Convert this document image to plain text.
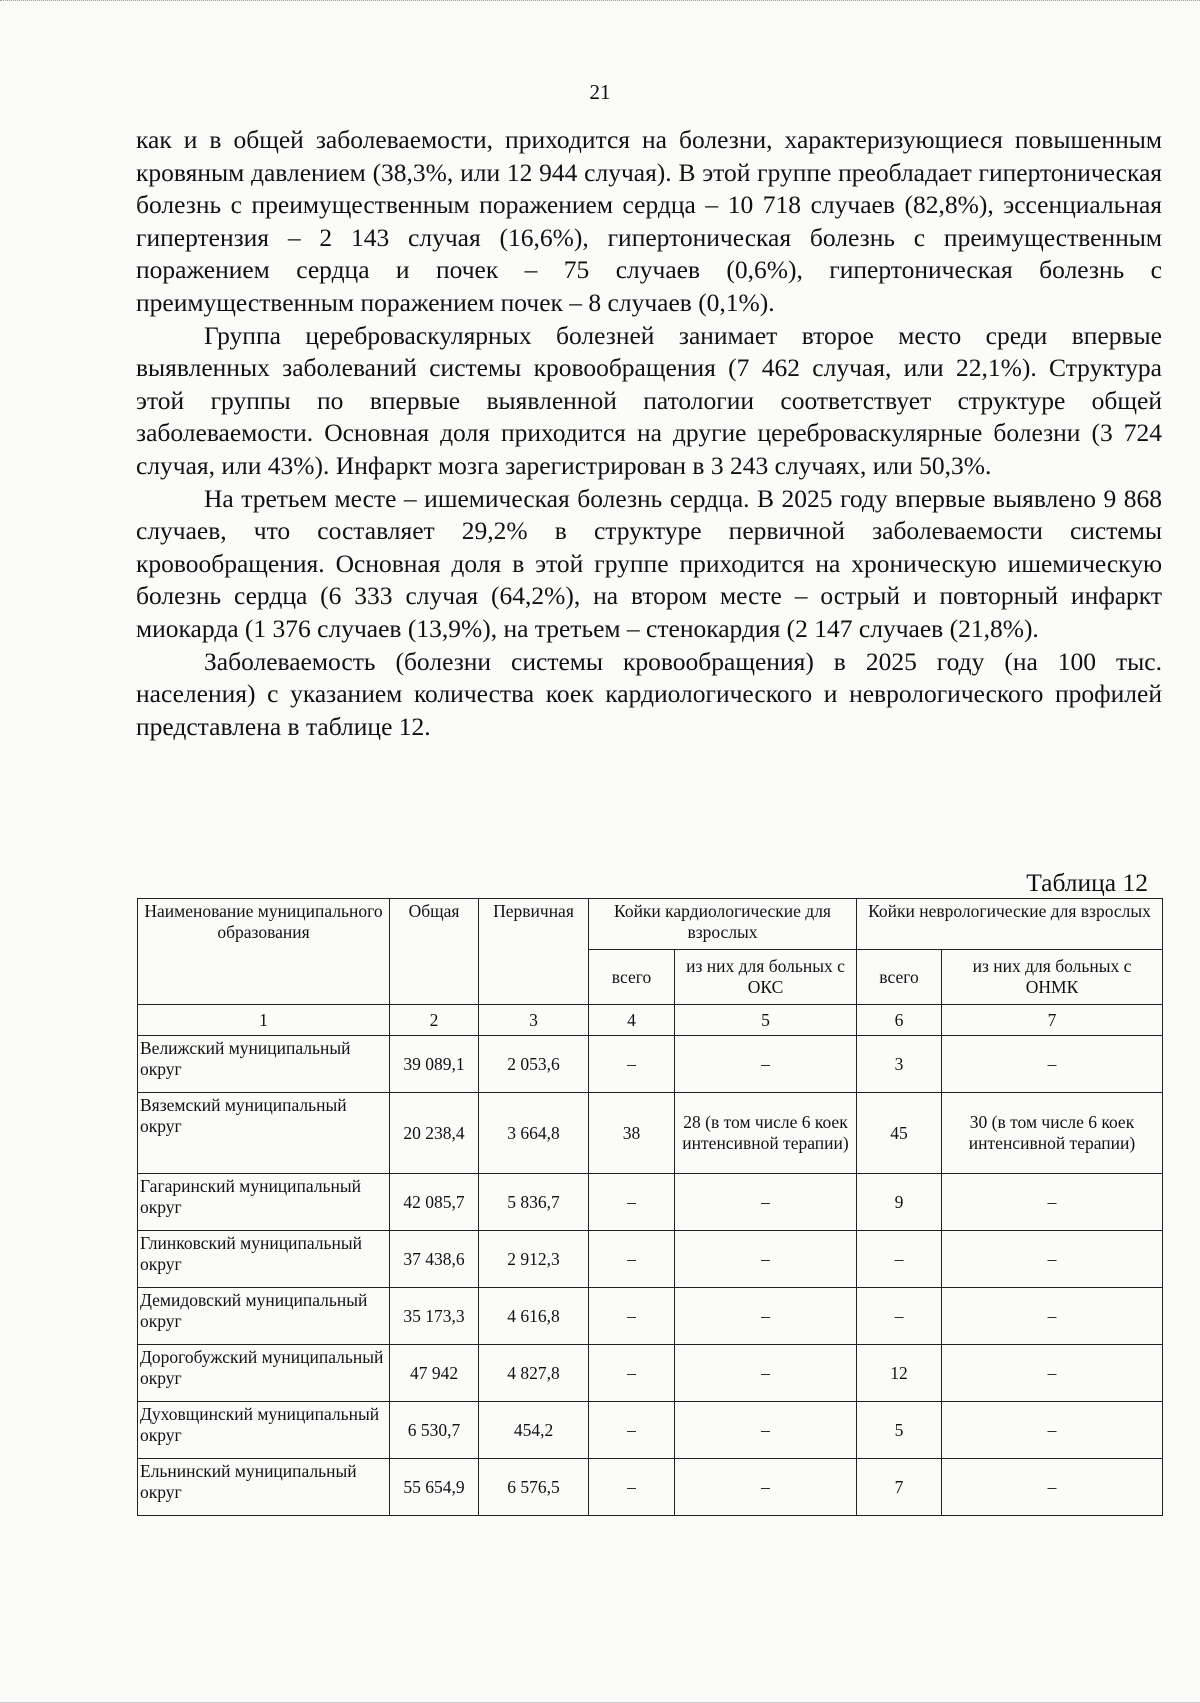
21

как и в общей заболеваемости, приходится на болезни, характеризующиеся повышенным кровяным давлением (38,3%, или 12 944 случая). В этой группе преобладает гипертоническая болезнь с преимущественным поражением сердца – 10 718 случаев (82,8%), эссенциальная гипертензия – 2 143 случая (16,6%), гипертоническая болезнь с преимущественным поражением сердца и почек – 75 случаев (0,6%), гипертоническая болезнь с преимущественным поражением почек – 8 случаев (0,1%).

Группа цереброваскулярных болезней занимает второе место среди впервые выявленных заболеваний системы кровообращения (7 462 случая, или 22,1%). Структура этой группы по впервые выявленной патологии соответствует структуре общей заболеваемости. Основная доля приходится на другие цереброваскулярные болезни (3 724 случая, или 43%). Инфаркт мозга зарегистрирован в 3 243 случаях, или 50,3%.

На третьем месте – ишемическая болезнь сердца. В 2025 году впервые выявлено 9 868 случаев, что составляет 29,2% в структуре первичной заболеваемости системы кровообращения. Основная доля в этой группе приходится на хроническую ишемическую болезнь сердца (6 333 случая (64,2%), на втором месте – острый и повторный инфаркт миокарда (1 376 случаев (13,9%), на третьем – стенокардия (2 147 случаев (21,8%).

Заболеваемость (болезни системы кровообращения) в 2025 году (на 100 тыс. населения) с указанием количества коек кардиологического и неврологического профилей представлена в таблице 12.

Таблица 12
Наименование муниципального образования	Общая	Первичная	Койки кардиологические для взрослых		Койки неврологические для взрослых	
			всего	из них для больных с ОКС	всего	из них для больных с ОНМК
1	2	3	4	5	6	7
Велижский муниципальный округ	39 089,1	2 053,6	–	–	3	–
Вяземский муниципальный округ	20 238,4	3 664,8	38	28 (в том числе 6 коек интенсивной терапии)	45	30 (в том числе 6 коек интенсивной терапии)
Гагаринский муниципальный округ	42 085,7	5 836,7	–	–	9	–
Глинковский муниципальный округ	37 438,6	2 912,3	–	–	–	–
Демидовский муниципальный округ	35 173,3	4 616,8	–	–	–	–
Дорогобужский муниципальный округ	47 942	4 827,8	–	–	12	–
Духовщинский муниципальный округ	6 530,7	454,2	–	–	5	–
Ельнинский муниципальный округ	55 654,9	6 576,5	–	–	7	–
